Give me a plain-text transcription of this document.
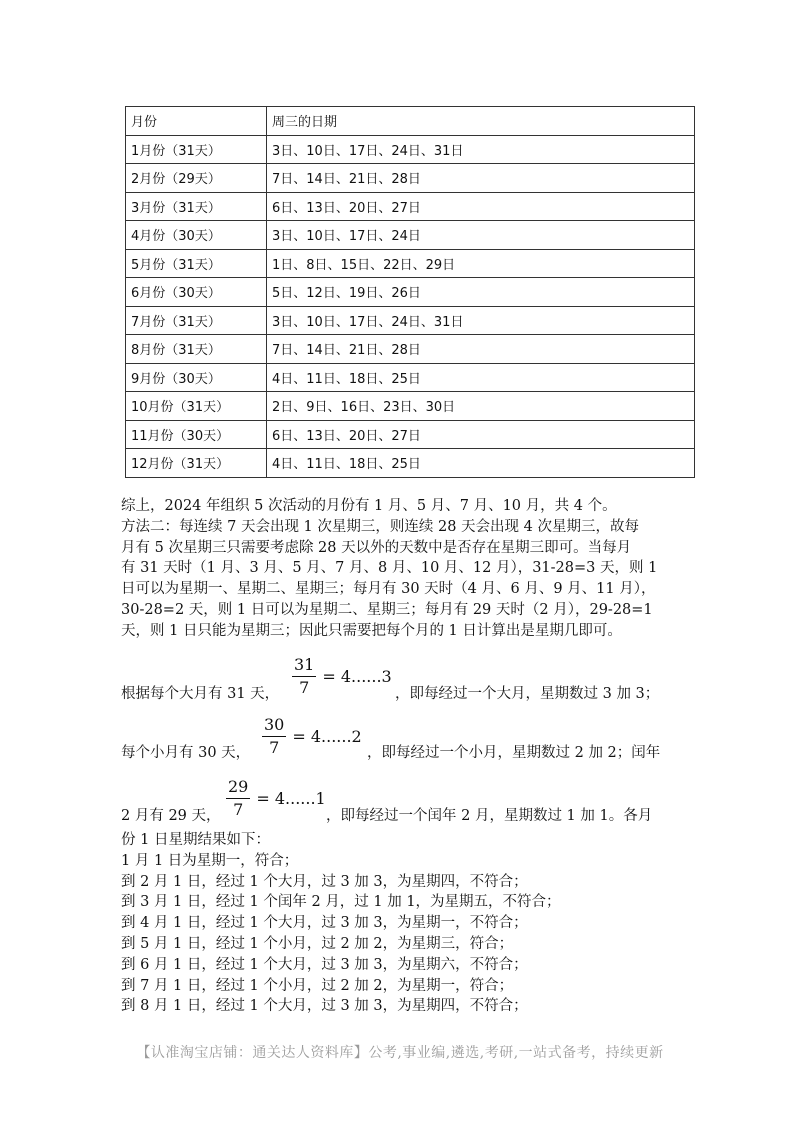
月份	周三的日期
1月份（31天）	3日、10日、17日、24日、31日
2月份（29天）	7日、14日、21日、28日
3月份（31天）	6日、13日、20日、27日
4月份（30天）	3日、10日、17日、24日
5月份（31天）	1日、8日、15日、22日、29日
6月份（30天）	5日、12日、19日、26日
7月份（31天）	3日、10日、17日、24日、31日
8月份（31天）	7日、14日、21日、28日
9月份（30天）	4日、11日、18日、25日
10月份（31天）	2日、9日、16日、23日、30日
11月份（30天）	6日、13日、20日、27日
12月份（31天）	4日、11日、18日、25日
综上，2024 年组织 5 次活动的月份有 1 月、5 月、7 月、10 月，共 4 个。
方法二：每连续 7 天会出现 1 次星期三，则连续 28 天会出现 4 次星期三，故每
月有 5 次星期三只需要考虑除 28 天以外的天数中是否存在星期三即可。当每月
有 31 天时（1 月、3 月、5 月、7 月、8 月、10 月、12 月），31-28=3 天，则 1
日可以为星期一、星期二、星期三；每月有 30 天时（4 月、6 月、9 月、11 月），
30-28=2 天，则 1 日可以为星期二、星期三；每月有 29 天时（2 月），29-28=1
天，则 1 日只能为星期三；因此只需要把每个月的 1 日计算出是星期几即可。
根据每个大月有 31 天， $\frac{31}{7} = 4......3$
，即每经过一个大月，星期数过 3 加 3；
每个小月有 30 天， $\frac{30}{7} = 4......2$
，即每经过一个小月，星期数过 2 加 2；闰年
2 月有 29 天， $\frac{29}{7} = 4......1$
，即每经过一个闰年 2 月，星期数过 1 加 1。各月
份 1 日星期结果如下：
1 月 1 日为星期一，符合；
到 2 月 1 日，经过 1 个大月，过 3 加 3，为星期四，不符合；
到 3 月 1 日，经过 1 个闰年 2 月，过 1 加 1，为星期五，不符合；
到 4 月 1 日，经过 1 个大月，过 3 加 3，为星期一，不符合；
到 5 月 1 日，经过 1 个小月，过 2 加 2，为星期三，符合；
到 6 月 1 日，经过 1 个大月，过 3 加 3，为星期六，不符合；
到 7 月 1 日，经过 1 个小月，过 2 加 2，为星期一，符合；
到 8 月 1 日，经过 1 个大月，过 3 加 3，为星期四，不符合；
【认准淘宝店铺：通关达人资料库】公考,事业编,遴选,考研,一站式备考，持续更新
